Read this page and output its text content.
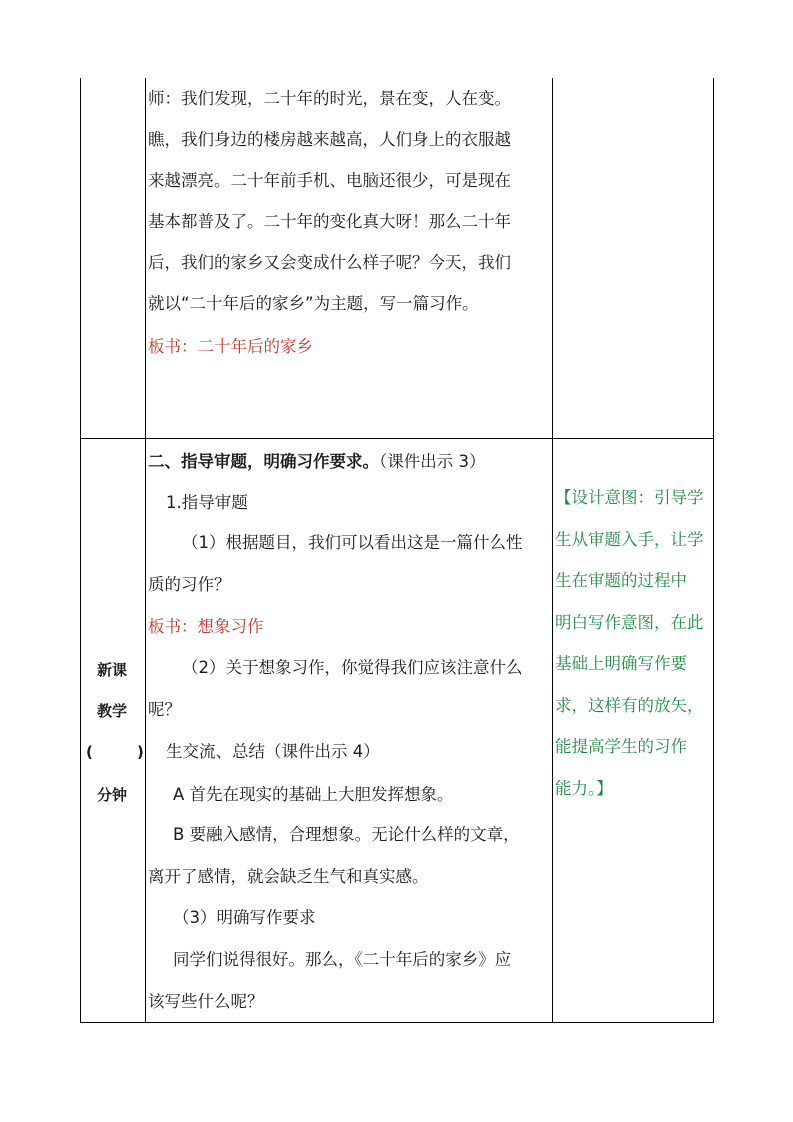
师：我们发现，二十年的时光，景在变，人在变。
瞧，我们身边的楼房越来越高，人们身上的衣服越
来越漂亮。二十年前手机、电脑还很少，可是现在
基本都普及了。二十年的变化真大呀！那么二十年
后，我们的家乡又会变成什么样子呢？今天，我们
就以“二十年后的家乡”为主题，写一篇习作。
板书：二十年后的家乡
新课
教学
(	)
分钟
二、指导审题，明确习作要求。（课件出示 3）
1.指导审题
（1）根据题目，我们可以看出这是一篇什么性
质的习作？
板书：想象习作
（2）关于想象习作，你觉得我们应该注意什么
呢？
生交流、总结（课件出示 4）
A 首先在现实的基础上大胆发挥想象。
B 要融入感情，合理想象。无论什么样的文章，
离开了感情，就会缺乏生气和真实感。
（3）明确写作要求
同学们说得很好。那么，《二十年后的家乡》应
该写些什么呢？
【设计意图：引导学
生从审题入手，让学
生在审题的过程中
明白写作意图，在此
基础上明确写作要
求，这样有的放矢，
能提高学生的习作
能力。】
